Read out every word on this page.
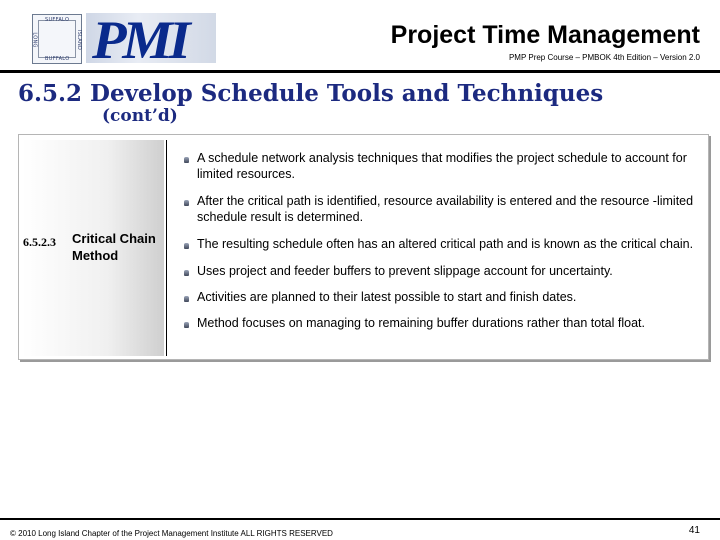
SUFFALO
LONG	ISLAND
BUFFALO PMI	Project Time Management
PMP Prep Course – PMBOK 4th Edition – Version 2.0
6.5.2 Develop Schedule Tools and Techniques
(cont’d)
6.5.2.3 Critical Chain Method
A schedule network analysis techniques that modifies the project schedule to account for limited resources.
After the critical path is identified, resource availability is entered and the resource -limited schedule result is determined.
The resulting schedule often has an altered critical path and is known as the critical chain.
Uses project and feeder buffers to prevent slippage account for uncertainty.
Activities are planned to their latest possible to start and finish dates.
Method focuses on managing to remaining buffer durations rather than total float.
© 2010 Long Island Chapter of the Project Management Institute ALL RIGHTS RESERVED	41
